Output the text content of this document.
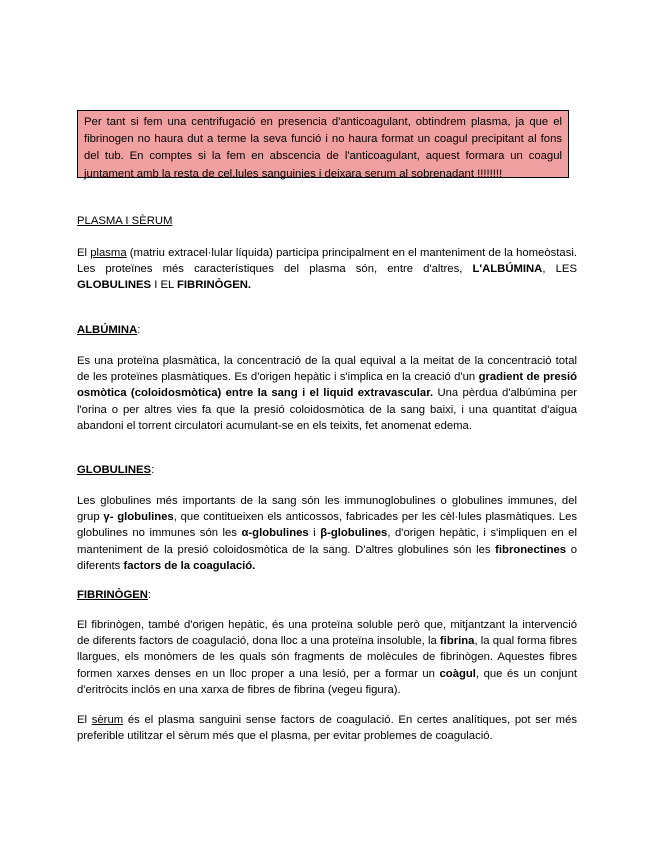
Per tant si fem una centrifugació en presencia d'anticoagulant, obtindrem plasma, ja que el fibrinogen no haura dut a terme la seva funció i no haura format un coagul precipitant al fons del tub. En comptes si la fem en abscencia de l'anticoagulant, aquest formara un coagul juntament amb la resta de cel.lules sanguinies i deixara serum al sobrenadant !!!!!!!!

PLASMA I SÈRUM

El plasma (matriu extracel·lular líquida) participa principalment en el manteniment de la homeòstasi. Les proteïnes més característiques del plasma són, entre d'altres, L'ALBÚMINA, LES GLOBULINES I EL FIBRINÒGEN.

ALBÚMINA:

Es una proteïna plasmàtica, la concentració de la qual equival a la meitat de la concentració total de les proteïnes plasmàtiques. Es d'origen hepàtic i s'implica en la creació d'un gradient de presió osmòtica (coloidosmòtica) entre la sang i el liquid extravascular. Una pèrdua d'albúmina per l'orina o per altres vies fa que la presió coloidosmòtica de la sang baixi, i una quantitat d'aigua abandoni el torrent circulatori acumulant-se en els teixits, fet anomenat edema.

GLOBULINES:

Les globulines més importants de la sang són les immunoglobulines o globulines immunes, del grup γ- globulines, que contitueixen els anticossos, fabricades per les cèl·lules plasmàtiques. Les globulines no immunes són les α-globulines i β-globulines, d'origen hepàtic, i s'impliquen en el manteniment de la presió coloidosmòtica de la sang. D'altres globulines són les fibronectines o diferents factors de la coagulació.

FIBRINÒGEN:

El fibrinògen, també d'origen hepàtic, és una proteïna soluble però que, mitjantzant la intervenció de diferents factors de coagulació, dona lloc a una proteïna insoluble, la fibrina, la qual forma fibres llargues, els monòmers de les quals són fragments de molècules de fibrinògen. Aquestes fibres formen xarxes denses en un lloc proper a una lesió, per a formar un coàgul, que és un conjunt d'eritròcits inclós en una xarxa de fibres de fibrina (vegeu figura).

El sèrum és el plasma sanguini sense factors de coagulació. En certes analítiques, pot ser més preferible utilitzar el sèrum més que el plasma, per evitar problemes de coagulació.
